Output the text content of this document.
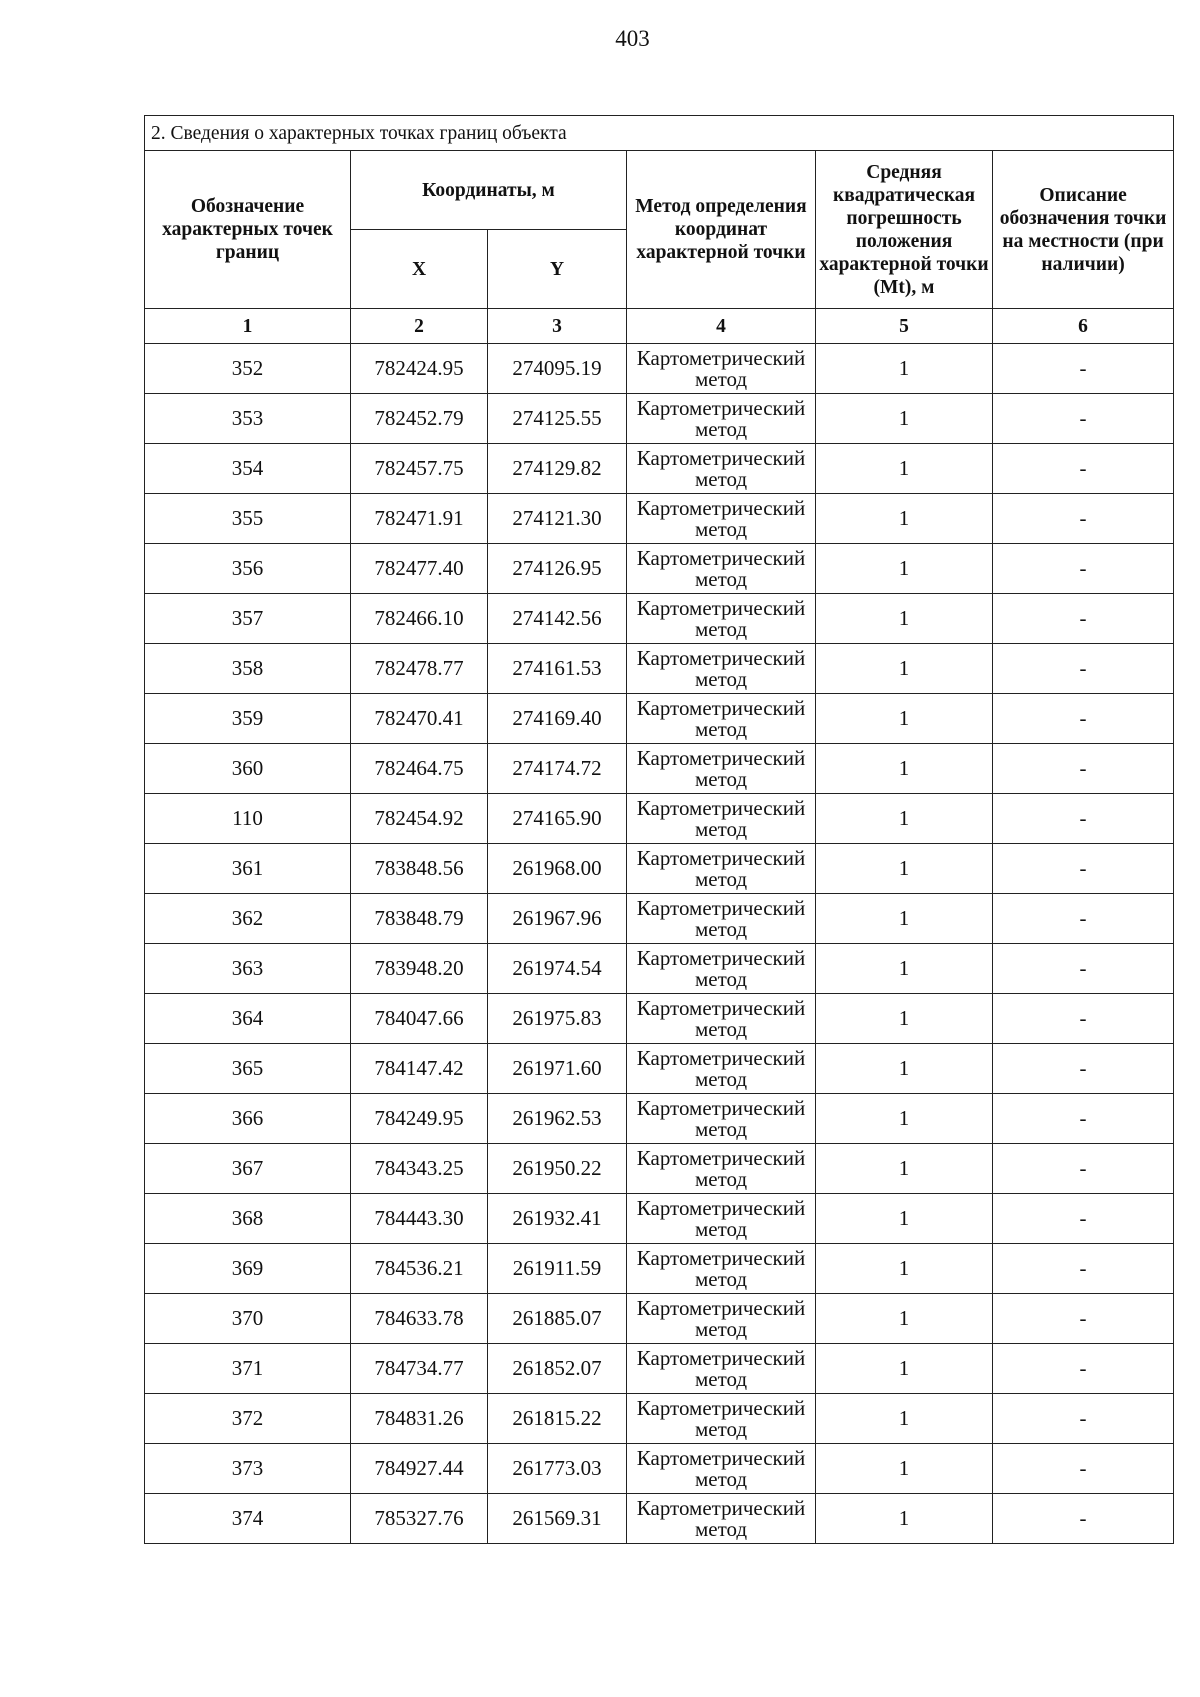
403
2. Сведения о характерных точках границ объекта					
Обозначение характерных точек границ	Координаты, м		Метод определения координат характерной точки	Средняя квадратическая погрешность положения характерной точки (Mt), м	Описание обозначения точки на местности (при наличии)
	X	Y			
1	2	3	4	5	6
352	782424.95	274095.19	Картометрический метод	1	-
353	782452.79	274125.55	Картометрический метод	1	-
354	782457.75	274129.82	Картометрический метод	1	-
355	782471.91	274121.30	Картометрический метод	1	-
356	782477.40	274126.95	Картометрический метод	1	-
357	782466.10	274142.56	Картометрический метод	1	-
358	782478.77	274161.53	Картометрический метод	1	-
359	782470.41	274169.40	Картометрический метод	1	-
360	782464.75	274174.72	Картометрический метод	1	-
110	782454.92	274165.90	Картометрический метод	1	-
361	783848.56	261968.00	Картометрический метод	1	-
362	783848.79	261967.96	Картометрический метод	1	-
363	783948.20	261974.54	Картометрический метод	1	-
364	784047.66	261975.83	Картометрический метод	1	-
365	784147.42	261971.60	Картометрический метод	1	-
366	784249.95	261962.53	Картометрический метод	1	-
367	784343.25	261950.22	Картометрический метод	1	-
368	784443.30	261932.41	Картометрический метод	1	-
369	784536.21	261911.59	Картометрический метод	1	-
370	784633.78	261885.07	Картометрический метод	1	-
371	784734.77	261852.07	Картометрический метод	1	-
372	784831.26	261815.22	Картометрический метод	1	-
373	784927.44	261773.03	Картометрический метод	1	-
374	785327.76	261569.31	Картометрический метод	1	-
